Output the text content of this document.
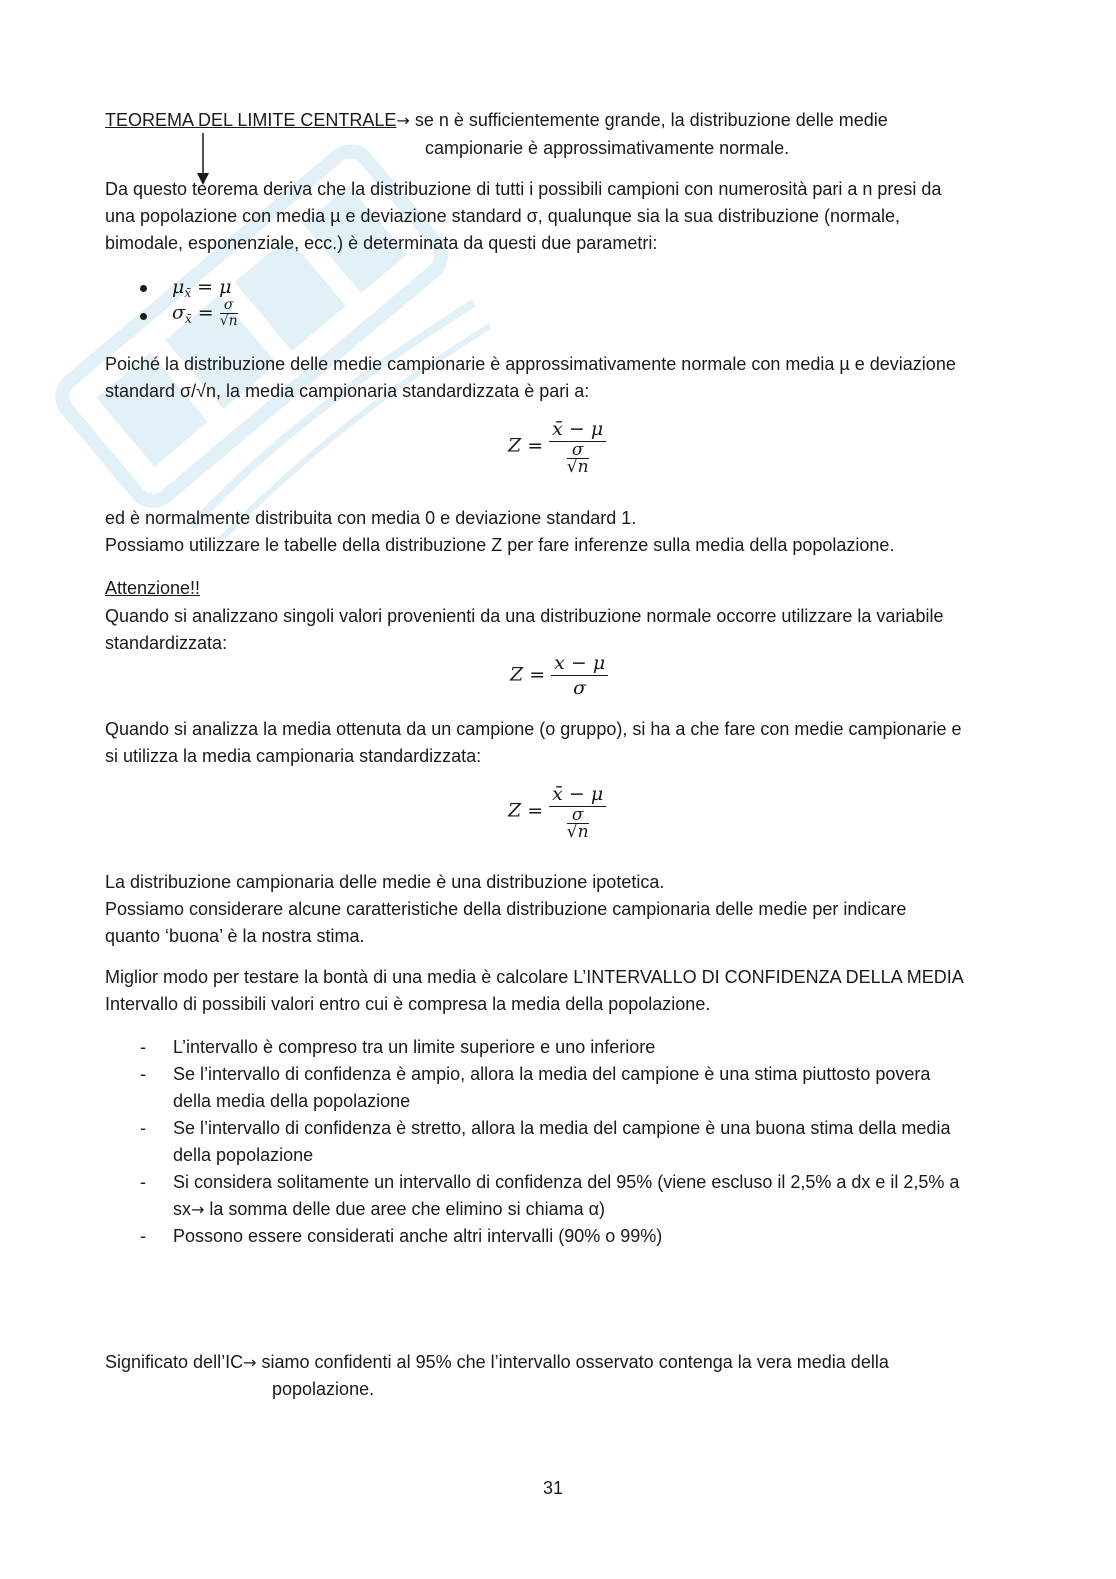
TEOREMA DEL LIMITE CENTRALE→ se n è sufficientemente grande, la distribuzione delle medie
campionarie è approssimativamente normale.
Da questo teorema deriva che la distribuzione di tutti i possibili campioni con numerosità pari a n presi da
una popolazione con media µ e deviazione standard σ, qualunque sia la sua distribuzione (normale,
bimodale, esponenziale, ecc.) è determinata da questi due parametri:
$\mu_{x̄} = \mu$
$\sigma_{x̄} = \frac{\sigma}{√n}$
Poiché la distribuzione delle medie campionarie è approssimativamente normale con media µ e deviazione
standard σ/√n, la media campionaria standardizzata è pari a:
$Z = \frac{x̄ - \mu}{\frac{\sigma}{√n}}$
ed è normalmente distribuita con media 0 e deviazione standard 1.
Possiamo utilizzare le tabelle della distribuzione Z per fare inferenze sulla media della popolazione.
Attenzione!!
Quando si analizzano singoli valori provenienti da una distribuzione normale occorre utilizzare la variabile
standardizzata:
$Z = \frac{x - \mu}{\sigma}$
Quando si analizza la media ottenuta da un campione (o gruppo), si ha a che fare con medie campionarie e
si utilizza la media campionaria standardizzata:
$Z = \frac{x̄ - \mu}{\frac{\sigma}{√n}}$
La distribuzione campionaria delle medie è una distribuzione ipotetica.
Possiamo considerare alcune caratteristiche della distribuzione campionaria delle medie per indicare
quanto ‘buona’ è la nostra stima.
Miglior modo per testare la bontà di una media è calcolare L’INTERVALLO DI CONFIDENZA DELLA MEDIA
Intervallo di possibili valori entro cui è compresa la media della popolazione.
- L’intervallo è compreso tra un limite superiore e uno inferiore
- Se l’intervallo di confidenza è ampio, allora la media del campione è una stima piuttosto povera
della media della popolazione
- Se l’intervallo di confidenza è stretto, allora la media del campione è una buona stima della media
della popolazione
- Si considera solitamente un intervallo di confidenza del 95% (viene escluso il 2,5% a dx e il 2,5% a
sx→ la somma delle due aree che elimino si chiama α)
- Possono essere considerati anche altri intervalli (90% o 99%)
Significato dell’IC→ siamo confidenti al 95% che l’intervallo osservato contenga la vera media della
popolazione.
31
